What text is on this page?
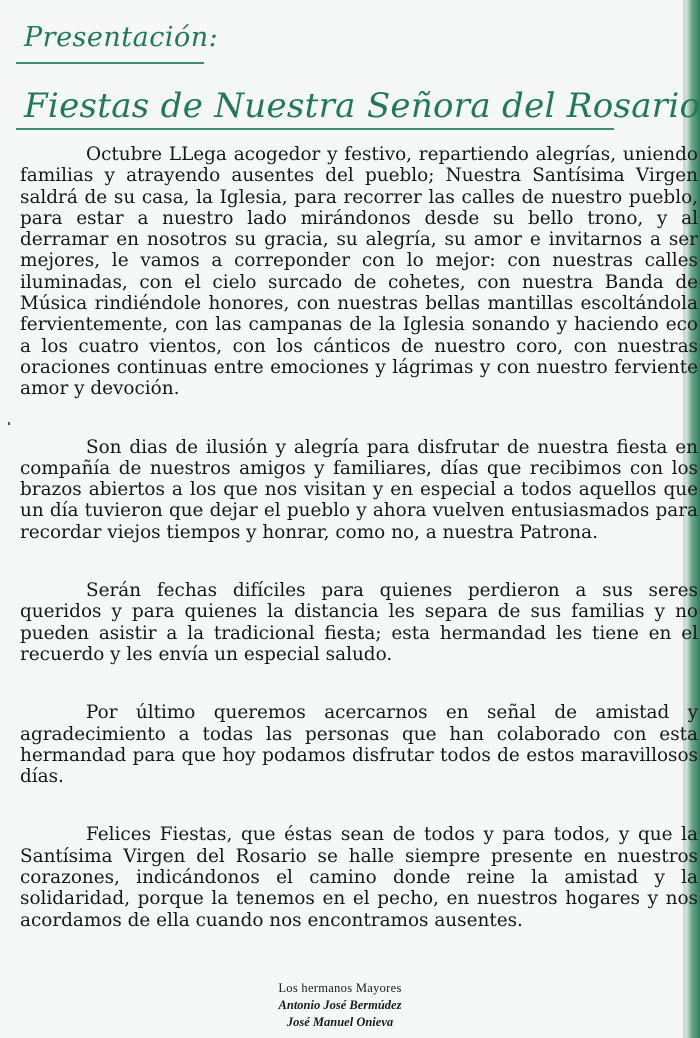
Presentación:
Fiestas de Nuestra Señora del Rosario

Octubre LLega acogedor y festivo, repartiendo alegrías, uniendo familias y atrayendo ausentes del pueblo; Nuestra Santísima Virgen saldrá de su casa, la Iglesia, para recorrer las calles de nuestro pueblo, para estar a nuestro lado mirándonos desde su bello trono, y al derramar en nosotros su gracia, su alegría, su amor e invitarnos a ser mejores, le vamos a correponder con lo mejor: con nuestras calles iluminadas, con el cielo surcado de cohetes, con nuestra Banda de Música rindiéndole honores, con nuestras bellas mantillas escoltándola fervientemente, con las campanas de la Iglesia sonando y haciendo eco a los cuatro vientos, con los cánticos de nuestro coro, con nuestras oraciones continuas entre emociones y lágrimas y con nuestro ferviente amor y devoción.

Son dias de ilusión y alegría para disfrutar de nuestra fiesta en compañía de nuestros amigos y familiares, días que recibimos con los brazos abiertos a los que nos visitan y en especial a todos aquellos que un día tuvieron que dejar el pueblo y ahora vuelven entusiasmados para recordar viejos tiempos y honrar, como no, a nuestra Patrona.

Serán fechas difíciles para quienes perdieron a sus seres queridos y para quienes la distancia les separa de sus familias y no pueden asistir a la tradicional fiesta; esta hermandad les tiene en el recuerdo y les envía un especial saludo.

Por último queremos acercarnos en señal de amistad y agradecimiento a todas las personas que han colaborado con esta hermandad para que hoy podamos disfrutar todos de estos maravillosos días.

Felices Fiestas, que éstas sean de todos y para todos, y que la Santísima Virgen del Rosario se halle siempre presente en nuestros corazones, indicándonos el camino donde reine la amistad y la solidaridad, porque la tenemos en el pecho, en nuestros hogares y nos acordamos de ella cuando nos encontramos ausentes.

Los hermanos Mayores
Antonio José Bermúdez
José Manuel Onieva
